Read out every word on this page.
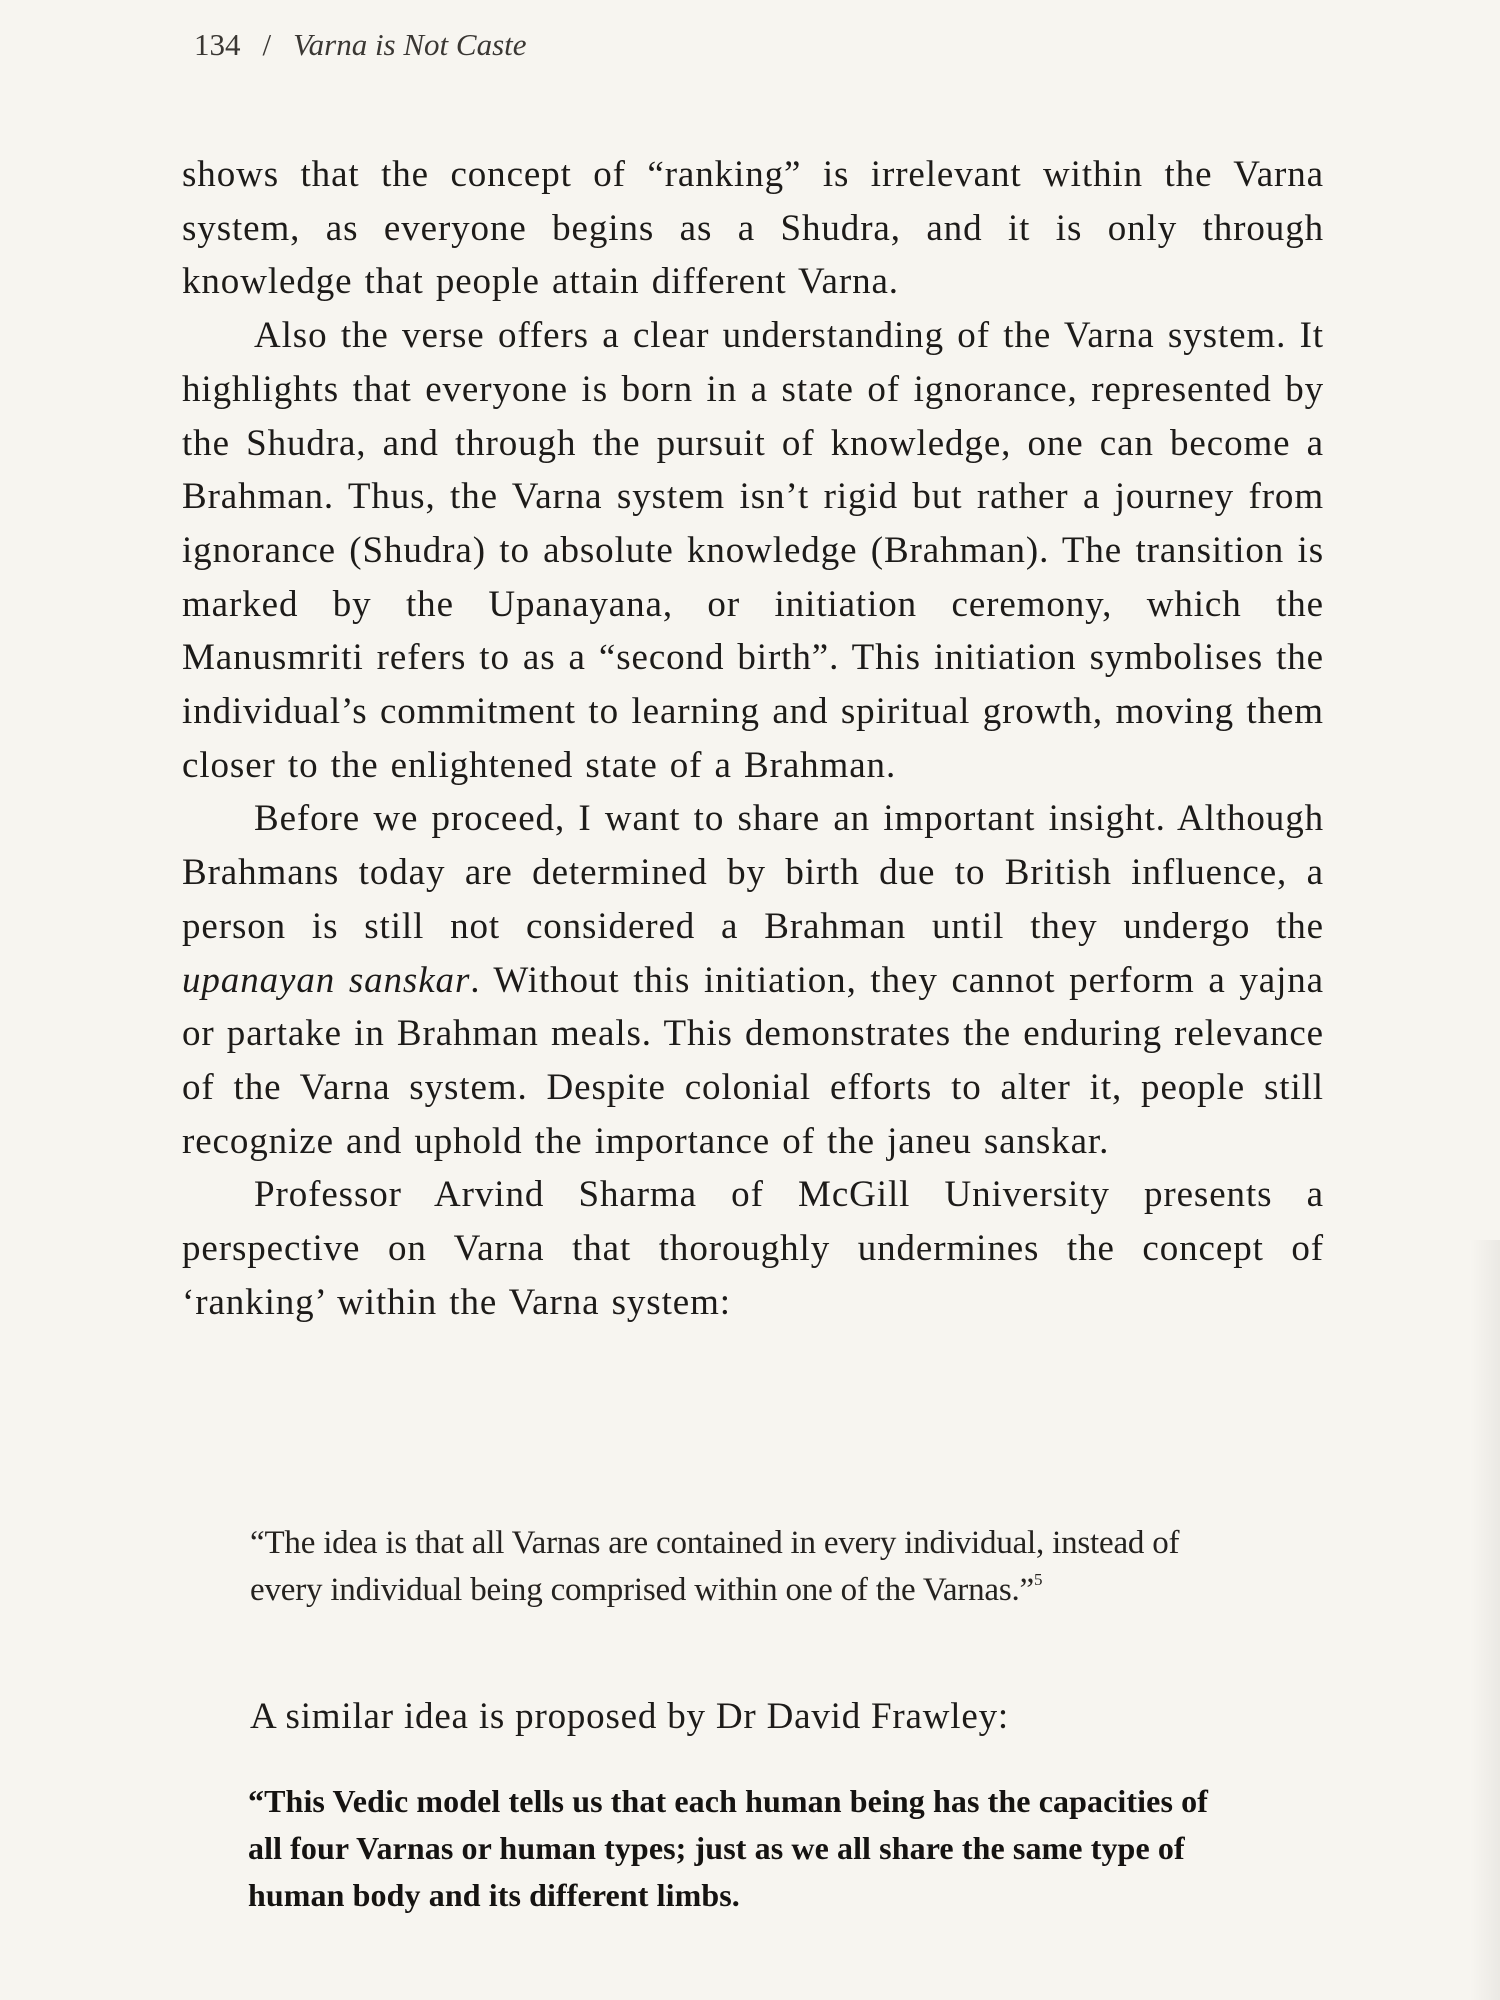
134 / Varna is Not Caste

shows that the concept of “ranking” is irrelevant within the Varna system, as everyone begins as a Shudra, and it is only through knowledge that people attain different Varna.

Also the verse offers a clear understanding of the Varna system. It highlights that everyone is born in a state of ignorance, represented by the Shudra, and through the pursuit of knowledge, one can become a Brahman. Thus, the Varna system isn’t rigid but rather a journey from ignorance (Shudra) to absolute knowledge (Brahman). The transition is marked by the Upanayana, or initiation ceremony, which the Manusmriti refers to as a “second birth”. This initiation symbolises the individual’s commitment to learning and spiritual growth, moving them closer to the enlightened state of a Brahman.

Before we proceed, I want to share an important insight. Although Brahmans today are determined by birth due to British influence, a person is still not considered a Brahman until they undergo the upanayan sanskar. Without this initiation, they cannot perform a yajna or partake in Brahman meals. This demonstrates the enduring relevance of the Varna system. Despite colonial efforts to alter it, people still recognize and uphold the importance of the janeu sanskar.

Professor Arvind Sharma of McGill University presents a perspective on Varna that thoroughly undermines the concept of ‘ranking’ within the Varna system:

“The idea is that all Varnas are contained in every individual, instead of every individual being comprised within one of the Varnas.”$^5$
A similar idea is proposed by Dr David Frawley:
“This Vedic model tells us that each human being has the capacities of all four Varnas or human types; just as we all share the same type of human body and its different limbs.
